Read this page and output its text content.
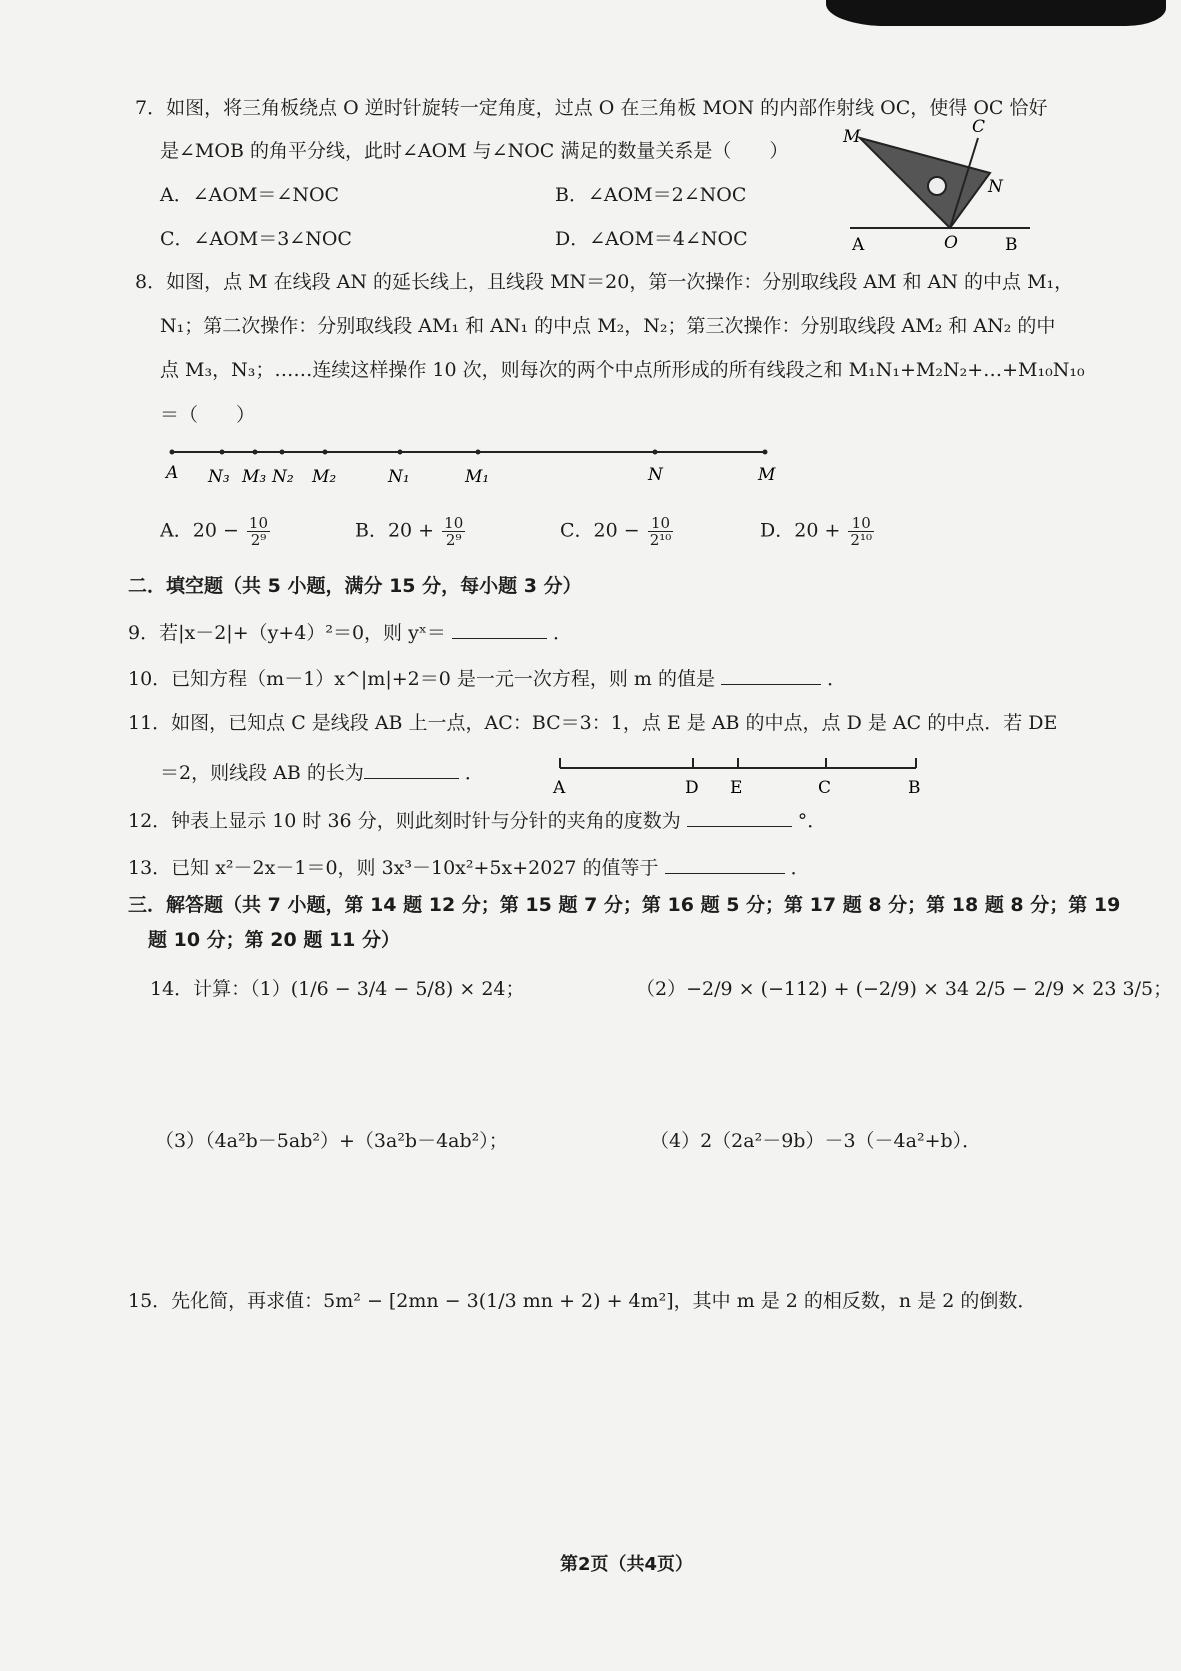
7．如图，将三角板绕点 O 逆时针旋转一定角度，过点 O 在三角板 MON 的内部作射线 OC，使得 OC 恰好
是∠MOB 的角平分线，此时∠AOM 与∠NOC 满足的数量关系是（　　）
A．∠AOM＝∠NOC	B．∠AOM＝2∠NOC
C．∠AOM＝3∠NOC	D．∠AOM＝4∠NOC
M	C
N
A	O	B
8．如图，点 M 在线段 AN 的延长线上，且线段 MN＝20，第一次操作：分别取线段 AM 和 AN 的中点 M₁，
N₁；第二次操作：分别取线段 AM₁ 和 AN₁ 的中点 M₂，N₂；第三次操作：分别取线段 AM₂ 和 AN₂ 的中
点 M₃，N₃；……连续这样操作 10 次，则每次的两个中点所形成的所有线段之和 M₁N₁+M₂N₂+…+M₁₀N₁₀
＝（　　）
A N₃ M₃ N₂ M₂	N₁	M₁	N	M
A．$20 - \frac{10}{\text{2⁹}}$	B．$20 + \frac{10}{\text{2⁹}}$	C．$20 - \frac{10}{\text{2¹⁰}}$	D．$20 + \frac{10}{\text{2¹⁰}}$
二．填空题（共 5 小题，满分 15 分，每小题 3 分）
9．若|x－2|+（y+4）²＝0，则 yˣ＝	．
10．已知方程（m－1）x^|m|+2＝0 是一元一次方程，则 m 的值是	．
11．如图，已知点 C 是线段 AB 上一点，AC：BC＝3：1，点 E 是 AB 的中点，点 D 是 AC 的中点．若 DE
＝2，则线段 AB 的长为	．
A	D E	C	B
12．钟表上显示 10 时 36 分，则此刻时针与分针的夹角的度数为	°．
13．已知 x²－2x－1＝0，则 3x³－10x²+5x+2027 的值等于	．
三．解答题（共 7 小题，第 14 题 12 分；第 15 题 7 分；第 16 题 5 分；第 17 题 8 分；第 18 题 8 分；第 19
题 10 分；第 20 题 11 分）
14．计算：（1）(1/6 − 3/4 − 5/8) × 24；	（2）−2/9 × (−112) + (−2/9) × 34 2/5 − 2/9 × 23 3/5；
（3）（4a²b－5ab²）+（3a²b－4ab²）；	（4）2（2a²－9b）－3（－4a²+b）．
15．先化简，再求值：5m² − [2mn − 3(1/3 mn + 2) + 4m²]，其中 m 是 2 的相反数，n 是 2 的倒数．
第2页（共4页）
